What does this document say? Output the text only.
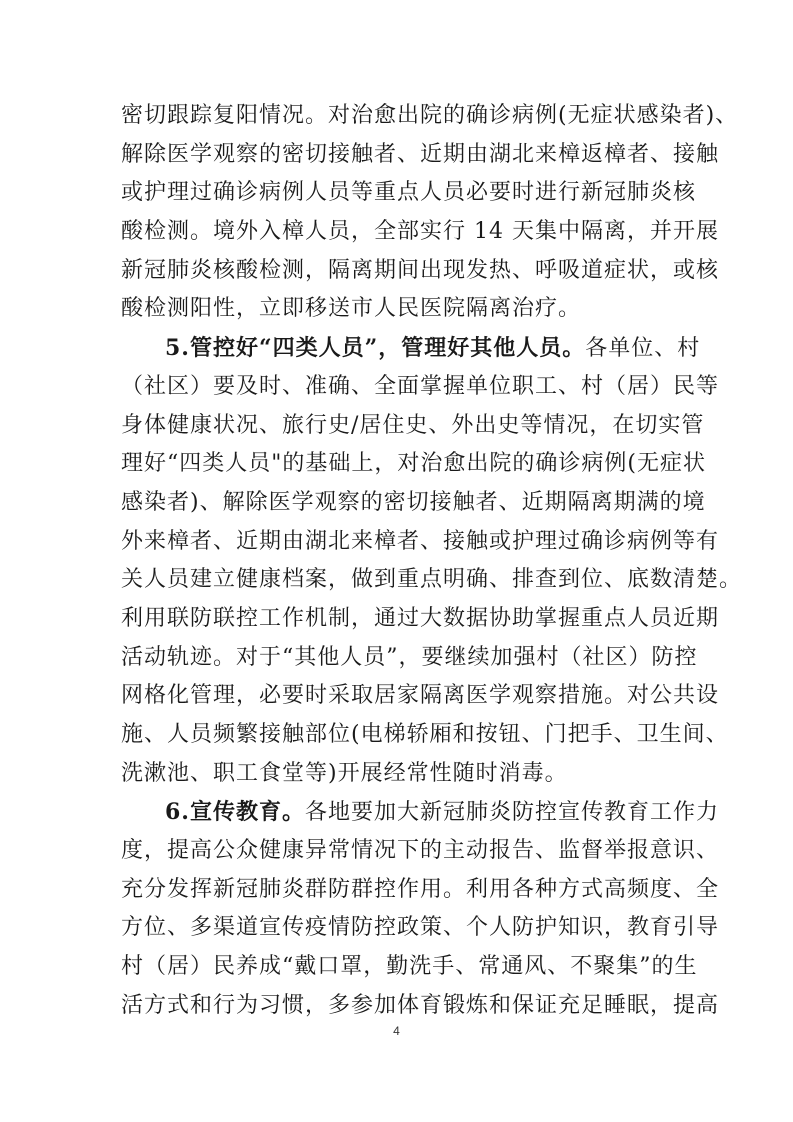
密切跟踪复阳情况。对治愈出院的确诊病例(无症状感染者)、
解除医学观察的密切接触者、近期由湖北来樟返樟者、接触
或护理过确诊病例人员等重点人员必要时进行新冠肺炎核
酸检测。境外入樟人员，全部实行 14 天集中隔离，并开展
新冠肺炎核酸检测，隔离期间出现发热、呼吸道症状，或核
酸检测阳性，立即移送市人民医院隔离治疗。
5.管控好“四类人员”，管理好其他人员。各单位、村
（社区）要及时、准确、全面掌握单位职工、村（居）民等
身体健康状况、旅行史/居住史、外出史等情况，在切实管
理好“四类人员"的基础上，对治愈出院的确诊病例(无症状
感染者)、解除医学观察的密切接触者、近期隔离期满的境
外来樟者、近期由湖北来樟者、接触或护理过确诊病例等有
关人员建立健康档案，做到重点明确、排查到位、底数清楚。
利用联防联控工作机制，通过大数据协助掌握重点人员近期
活动轨迹。对于“其他人员”，要继续加强村（社区）防控
网格化管理，必要时采取居家隔离医学观察措施。对公共设
施、人员频繁接触部位(电梯轿厢和按钮、门把手、卫生间、
洗漱池、职工食堂等)开展经常性随时消毒。
6.宣传教育。各地要加大新冠肺炎防控宣传教育工作力
度，提高公众健康异常情况下的主动报告、监督举报意识、
充分发挥新冠肺炎群防群控作用。利用各种方式高频度、全
方位、多渠道宣传疫情防控政策、个人防护知识，教育引导
村（居）民养成“戴口罩，勤洗手、常通风、不聚集”的生
活方式和行为习惯，多参加体育锻炼和保证充足睡眠，提高
4
